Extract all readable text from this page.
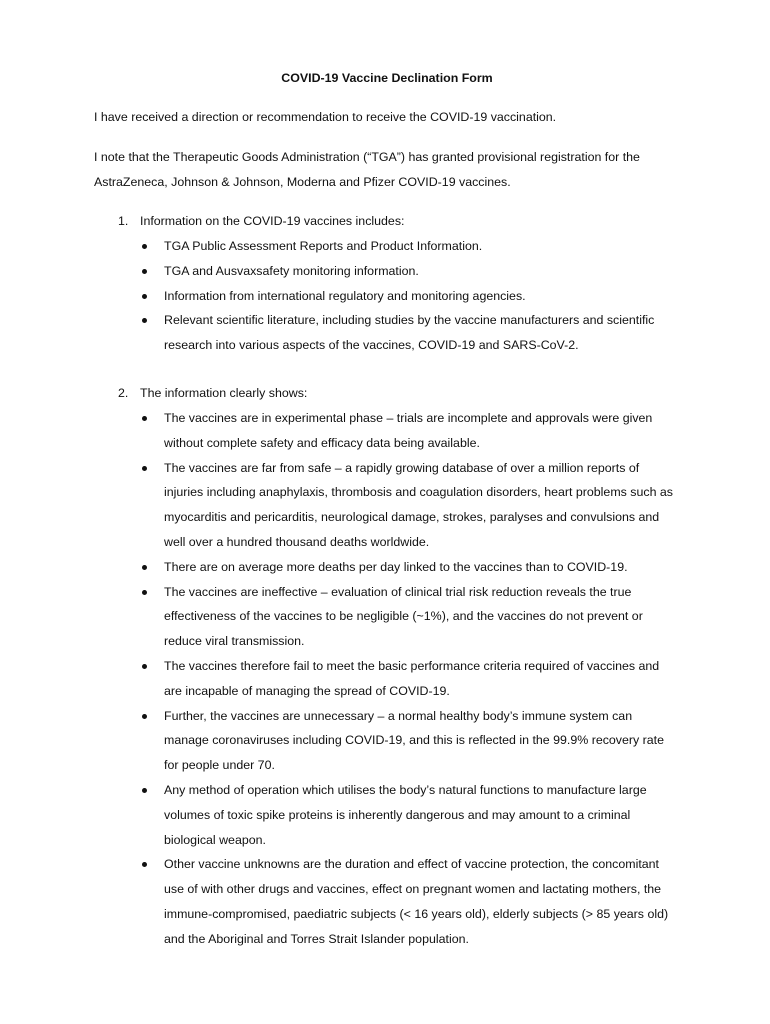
COVID-19 Vaccine Declination Form

I have received a direction or recommendation to receive the COVID-19 vaccination.

I note that the Therapeutic Goods Administration (“TGA”) has granted provisional registration for the AstraZeneca, Johnson & Johnson, Moderna and Pfizer COVID-19 vaccines.

1. Information on the COVID-19 vaccines includes:
TGA Public Assessment Reports and Product Information.
TGA and Ausvaxsafety monitoring information.
Information from international regulatory and monitoring agencies.
Relevant scientific literature, including studies by the vaccine manufacturers and scientific research into various aspects of the vaccines, COVID-19 and SARS-CoV-2.
2. The information clearly shows:
The vaccines are in experimental phase – trials are incomplete and approvals were given without complete safety and efficacy data being available.
The vaccines are far from safe – a rapidly growing database of over a million reports of injuries including anaphylaxis, thrombosis and coagulation disorders, heart problems such as myocarditis and pericarditis, neurological damage, strokes, paralyses and convulsions and well over a hundred thousand deaths worldwide.
There are on average more deaths per day linked to the vaccines than to COVID-19.
The vaccines are ineffective – evaluation of clinical trial risk reduction reveals the true effectiveness of the vaccines to be negligible (~1%), and the vaccines do not prevent or reduce viral transmission.
The vaccines therefore fail to meet the basic performance criteria required of vaccines and are incapable of managing the spread of COVID-19.
Further, the vaccines are unnecessary – a normal healthy body’s immune system can manage coronaviruses including COVID-19, and this is reflected in the 99.9% recovery rate for people under 70.
Any method of operation which utilises the body’s natural functions to manufacture large volumes of toxic spike proteins is inherently dangerous and may amount to a criminal biological weapon.
Other vaccine unknowns are the duration and effect of vaccine protection, the concomitant use of with other drugs and vaccines, effect on pregnant women and lactating mothers, the immune-compromised, paediatric subjects (< 16 years old), elderly subjects (> 85 years old) and the Aboriginal and Torres Strait Islander population.
